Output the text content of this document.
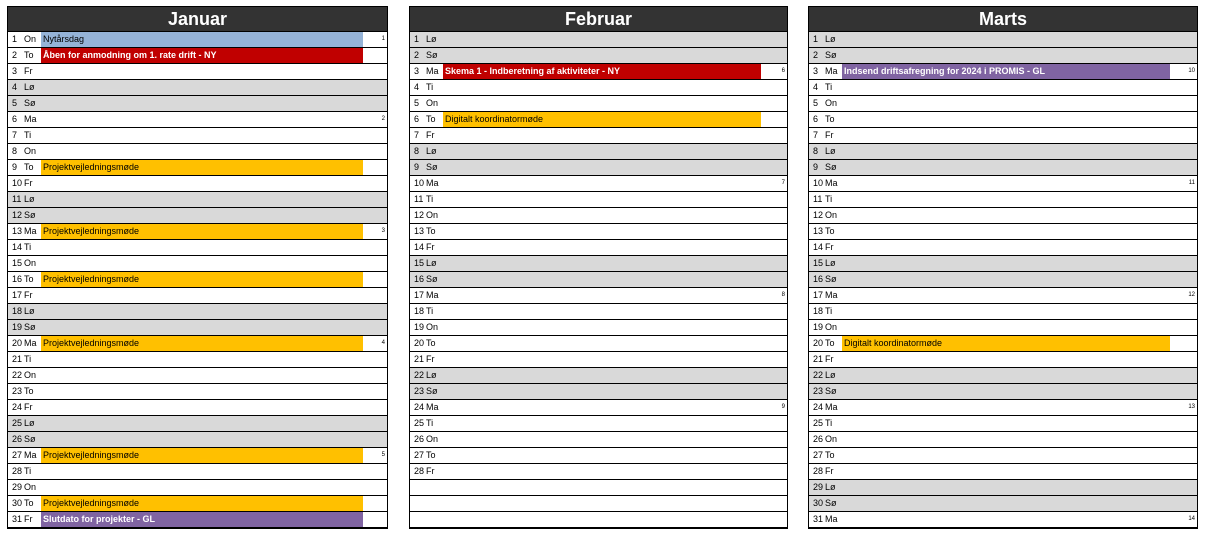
Januar
1 On Nytårsdag	1
2 To Åben for anmodning om 1. rate drift - NY
3 Fr
4 Lø
5 Sø
6 Ma	2
7 Ti
8 On
9 To Projektvejledningsmøde
10 Fr
11 Lø
12 Sø
13 Ma Projektvejledningsmøde	3
14 Ti
15 On
16 To Projektvejledningsmøde
17 Fr
18 Lø
19 Sø
20 Ma Projektvejledningsmøde	4
21 Ti
22 On
23 To
24 Fr
25 Lø
26 Sø
27 Ma Projektvejledningsmøde	5
28 Ti
29 On
30 To Projektvejledningsmøde
31 Fr Slutdato for projekter - GL
Februar
1 Lø
2 Sø
3 Ma Skema 1 - Indberetning af aktiviteter - NY	6
4 Ti
5 On
6 To Digitalt koordinatormøde
7 Fr
8 Lø
9 Sø
10 Ma	7
11 Ti
12 On
13 To
14 Fr
15 Lø
16 Sø
17 Ma	8
18 Ti
19 On
20 To
21 Fr
22 Lø
23 Sø
24 Ma	9
25 Ti
26 On
27 To
28 Fr
Marts
1 Lø
2 Sø
3 Ma Indsend driftsafregning for 2024 i PROMIS - GL	10
4 Ti
5 On
6 To
7 Fr
8 Lø
9 Sø
10 Ma	11
11 Ti
12 On
13 To
14 Fr
15 Lø
16 Sø
17 Ma	12
18 Ti
19 On
20 To Digitalt koordinatormøde
21 Fr
22 Lø
23 Sø
24 Ma	13
25 Ti
26 On
27 To
28 Fr
29 Lø
30 Sø
31 Ma	14
